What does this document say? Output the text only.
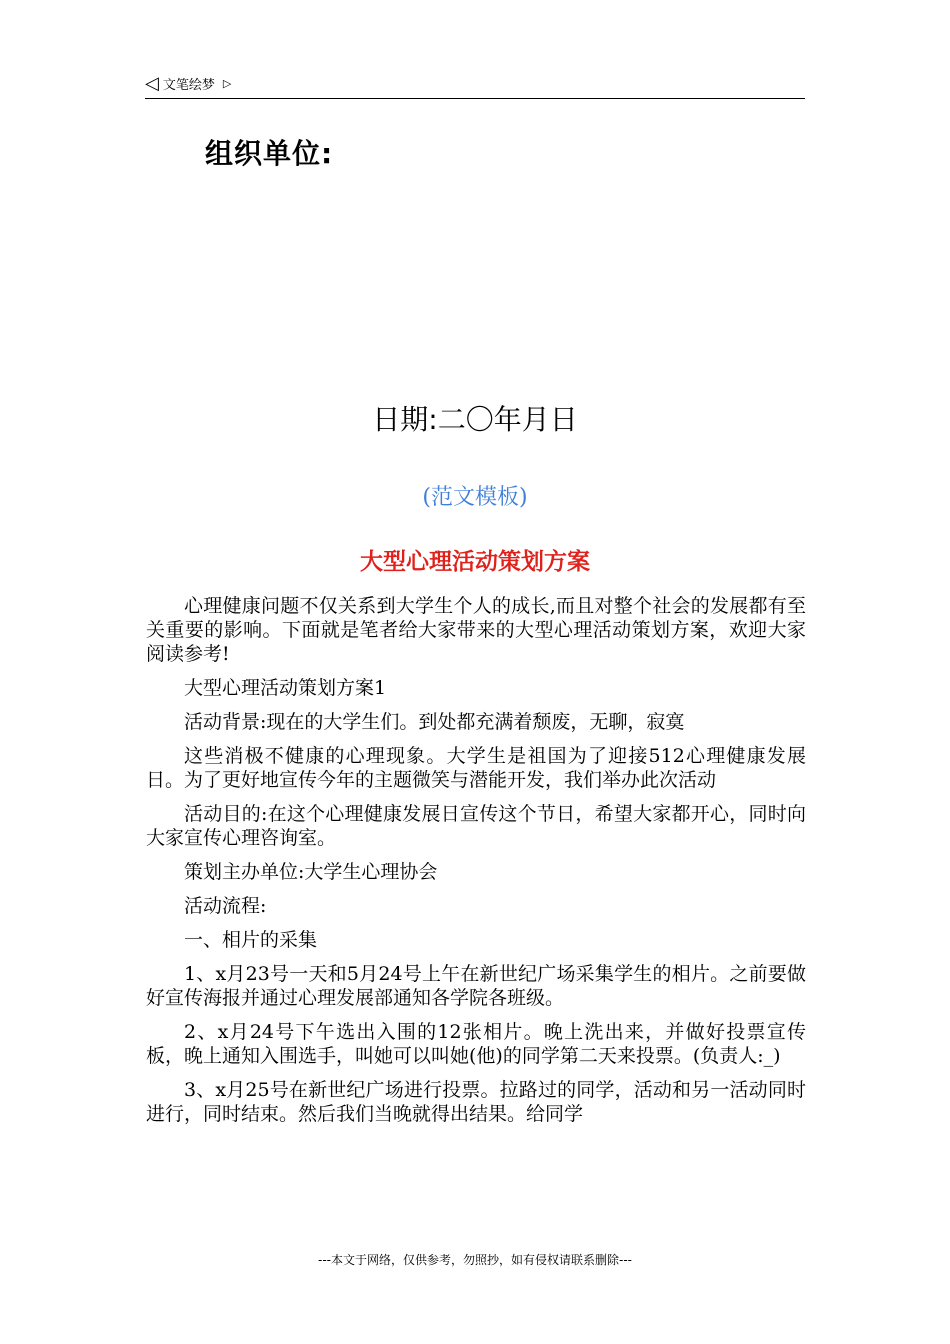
◁ 文笔绘梦 ▷
组织单位:
日期:二〇年月日
(范文模板)
大型心理活动策划方案

心理健康问题不仅关系到大学生个人的成长,而且对整个社会的发展都有至关重要的影响。下面就是笔者给大家带来的大型心理活动策划方案，欢迎大家阅读参考!

大型心理活动策划方案1

活动背景:现在的大学生们。到处都充满着颓废，无聊，寂寞

这些消极不健康的心理现象。大学生是祖国为了迎接512心理健康发展日。为了更好地宣传今年的主题微笑与潜能开发，我们举办此次活动

活动目的:在这个心理健康发展日宣传这个节日，希望大家都开心，同时向大家宣传心理咨询室。

策划主办单位:大学生心理协会

活动流程:

一、相片的采集

1、x月23号一天和5月24号上午在新世纪广场采集学生的相片。之前要做好宣传海报并通过心理发展部通知各学院各班级。

2、x月24号下午选出入围的12张相片。晚上洗出来，并做好投票宣传板，晚上通知入围选手，叫她可以叫她(他)的同学第二天来投票。(负责人:_)

3、x月25号在新世纪广场进行投票。拉路过的同学，活动和另一活动同时进行，同时结束。然后我们当晚就得出结果。给同学

---本文于网络，仅供参考，勿照抄，如有侵权请联系删除---
